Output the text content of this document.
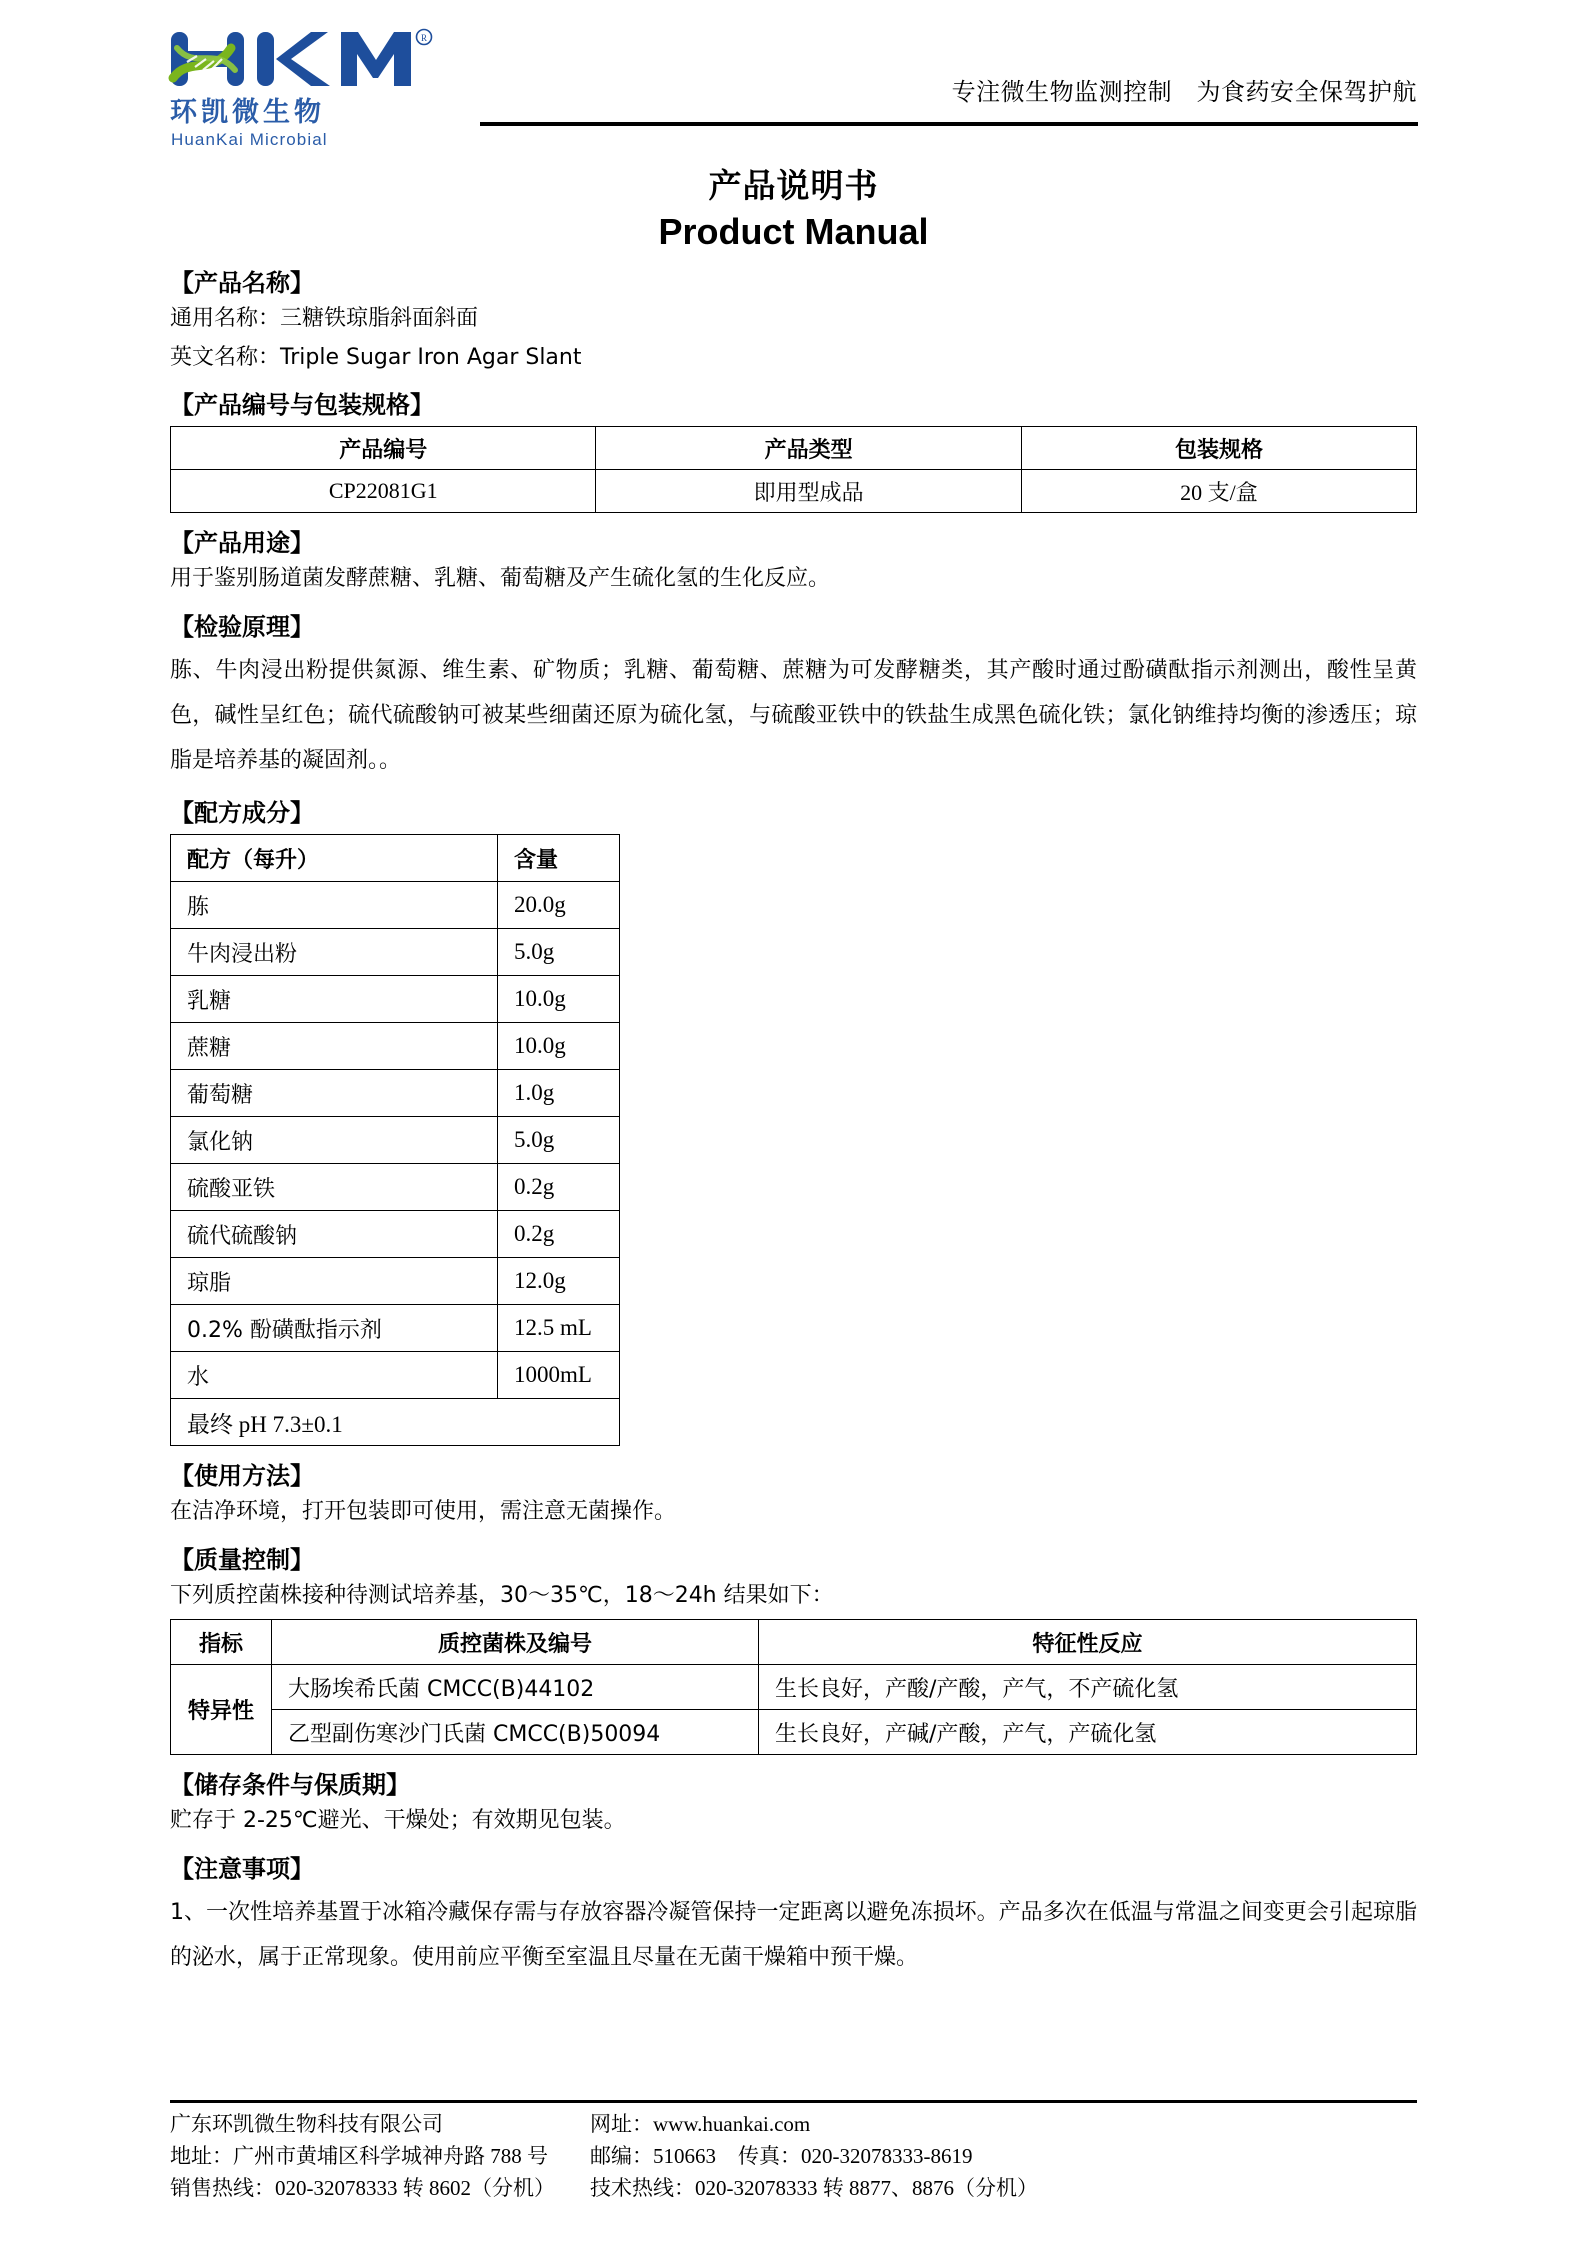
R
环凯微生物
HuanKai Microbial
专注微生物监测控制   为食药安全保驾护航
产品说明书
Product Manual
【产品名称】
通用名称：三糖铁琼脂斜面斜面
英文名称：Triple Sugar Iron Agar Slant
【产品编号与包装规格】
产品编号	产品类型	包装规格
CP22081G1	即用型成品	20 支/盒
【产品用途】
用于鉴别肠道菌发酵蔗糖、乳糖、葡萄糖及产生硫化氢的生化反应。
【检验原理】
胨、牛肉浸出粉提供氮源、维生素、矿物质；乳糖、葡萄糖、蔗糖为可发酵糖类，其产酸时通过酚磺酞指示剂测出，酸性呈黄色，碱性呈红色；硫代硫酸钠可被某些细菌还原为硫化氢，与硫酸亚铁中的铁盐生成黑色硫化铁；氯化钠维持均衡的渗透压；琼脂是培养基的凝固剂。。
【配方成分】
配方（每升）	含量
胨	20.0g
牛肉浸出粉	5.0g
乳糖	10.0g
蔗糖	10.0g
葡萄糖	1.0g
氯化钠	5.0g
硫酸亚铁	0.2g
硫代硫酸钠	0.2g
琼脂	12.0g
0.2% 酚磺酞指示剂	12.5 mL
水	1000mL
最终 pH 7.3±0.1	
【使用方法】
在洁净环境，打开包装即可使用，需注意无菌操作。
【质量控制】
下列质控菌株接种待测试培养基，30～35℃，18～24h 结果如下：
指标	质控菌株及编号	特征性反应
特异性	大肠埃希氏菌 CMCC(B)44102	生长良好，产酸/产酸，产气，不产硫化氢
	乙型副伤寒沙门氏菌 CMCC(B)50094	生长良好，产碱/产酸，产气，产硫化氢
【储存条件与保质期】
贮存于 2-25℃避光、干燥处；有效期见包装。
【注意事项】
1、一次性培养基置于冰箱冷藏保存需与存放容器冷凝管保持一定距离以避免冻损坏。产品多次在低温与常温之间变更会引起琼脂的泌水，属于正常现象。使用前应平衡至室温且尽量在无菌干燥箱中预干燥。
广东环凯微生物科技有限公司
地址：广州市黄埔区科学城神舟路 788 号
销售热线：020-32078333 转 8602（分机）
网址：www.huankai.com
邮编：510663 传真：020-32078333-8619
技术热线：020-32078333 转 8877、8876（分机）
